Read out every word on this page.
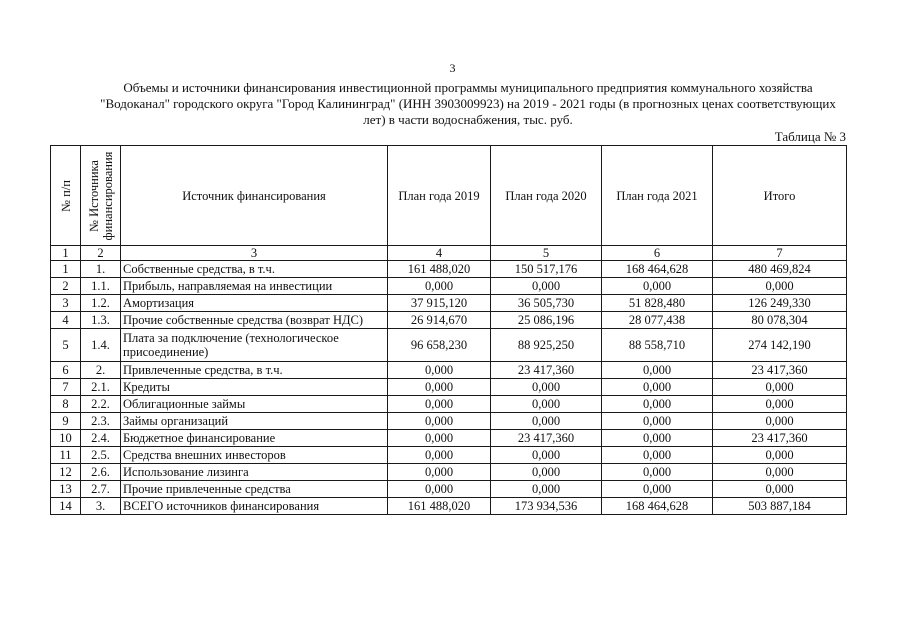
3
Объемы и источники финансирования инвестиционной программы муниципального предприятия коммунального хозяйства
"Водоканал" городского округа "Город Калининград" (ИНН 3903009923) на 2019 - 2021 годы (в прогнозных ценах соответствующих
лет) в части водоснабжения, тыс. руб.
Таблица № 3
№ п/п	№ Источника финансирования	Источник финансирования	План года 2019	План года 2020	План года 2021	Итого
1	2	3	4	5	6	7
1	1.	Собственные средства, в т.ч.	161 488,020	150 517,176	168 464,628	480 469,824
2	1.1.	Прибыль, направляемая на инвестиции	0,000	0,000	0,000	0,000
3	1.2.	Амортизация	37 915,120	36 505,730	51 828,480	126 249,330
4	1.3.	Прочие собственные средства (возврат НДС)	26 914,670	25 086,196	28 077,438	80 078,304
5	1.4.	Плата за подключение (технологическое присоединение)	96 658,230	88 925,250	88 558,710	274 142,190
6	2.	Привлеченные средства, в т.ч.	0,000	23 417,360	0,000	23 417,360
7	2.1.	Кредиты	0,000	0,000	0,000	0,000
8	2.2.	Облигационные займы	0,000	0,000	0,000	0,000
9	2.3.	Займы организаций	0,000	0,000	0,000	0,000
10	2.4.	Бюджетное финансирование	0,000	23 417,360	0,000	23 417,360
11	2.5.	Средства внешних инвесторов	0,000	0,000	0,000	0,000
12	2.6.	Использование лизинга	0,000	0,000	0,000	0,000
13	2.7.	Прочие привлеченные средства	0,000	0,000	0,000	0,000
14	3.	ВСЕГО источников финансирования	161 488,020	173 934,536	168 464,628	503 887,184
